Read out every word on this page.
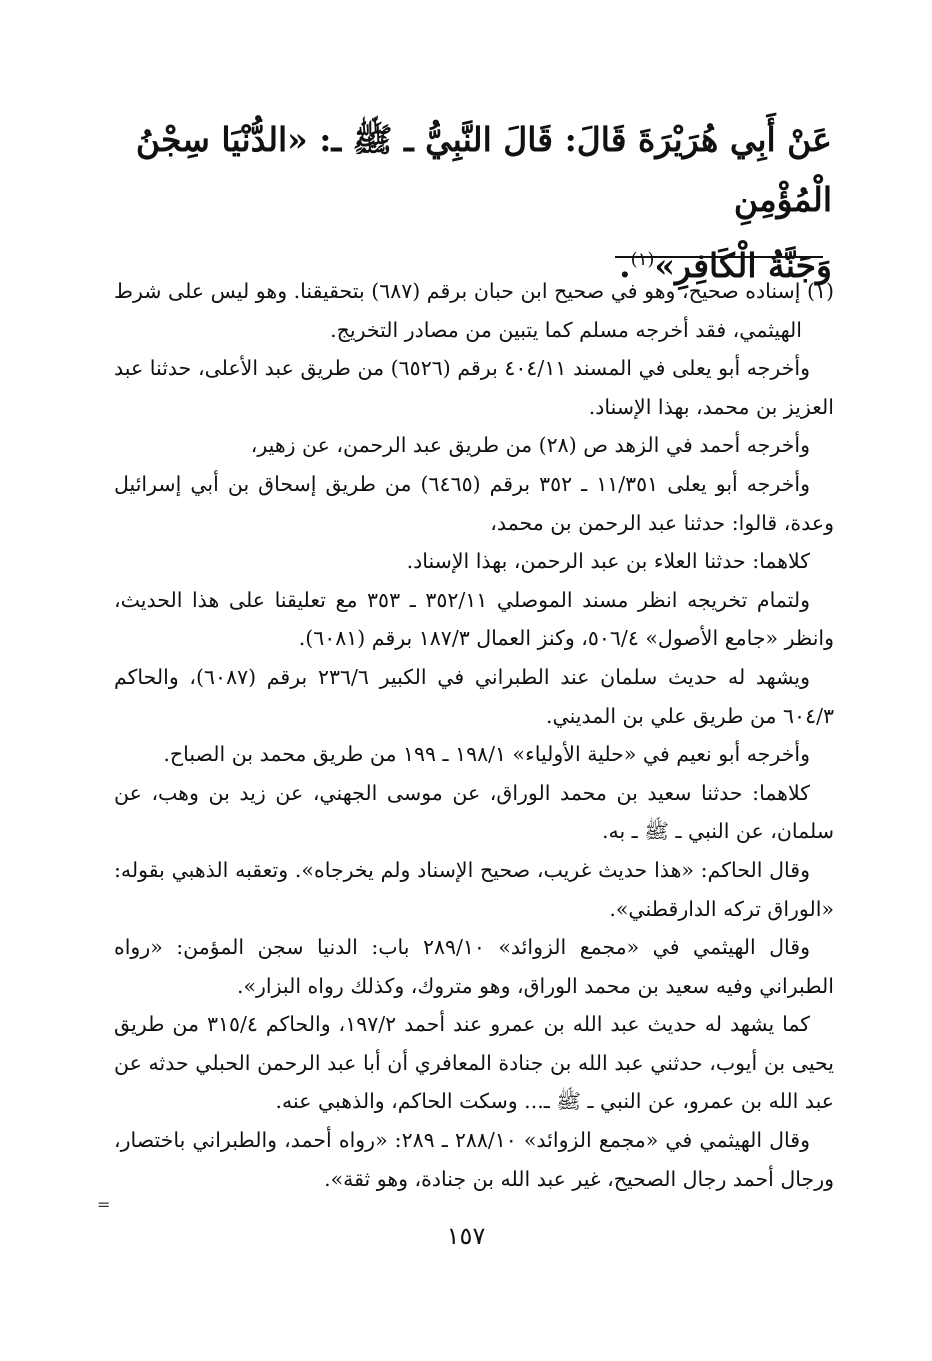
عَنْ أَبِي هُرَيْرَةَ قَالَ: قَالَ النَّبِيُّ ـ ﷺ ـ: «الدُّنْيَا سِجْنُ الْمُؤْمِنِ
وَجَنَّةُ الْكَافِرِ»$^{(١)}$.

(١) إسناده صحيح، وهو في صحيح ابن حبان برقم (٦٨٧) بتحقيقنا. وهو ليس على شرط الهيثمي، فقد أخرجه مسلم كما يتبين من مصادر التخريج.

وأخرجه أبو يعلى في المسند ٤٠٤/١١ برقم (٦٥٢٦) من طريق عبد الأعلى، حدثنا عبد العزيز بن محمد، بهذا الإسناد.

وأخرجه أحمد في الزهد ص (٢٨) من طريق عبد الرحمن، عن زهير،

وأخرجه أبو يعلى ١١/٣٥١ ـ ٣٥٢ برقم (٦٤٦٥) من طريق إسحاق بن أبي إسرائيل وعدة، قالوا: حدثنا عبد الرحمن بن محمد،

كلاهما: حدثنا العلاء بن عبد الرحمن، بهذا الإسناد.

ولتمام تخريجه انظر مسند الموصلي ٣٥٢/١١ ـ ٣٥٣ مع تعليقنا على هذا الحديث، وانظر «جامع الأصول» ٥٠٦/٤، وكنز العمال ١٨٧/٣ برقم (٦٠٨١).

ويشهد له حديث سلمان عند الطبراني في الكبير ٢٣٦/٦ برقم (٦٠٨٧)، والحاكم ٦٠٤/٣ من طريق علي بن المديني.

وأخرجه أبو نعيم في «حلية الأولياء» ١٩٨/١ ـ ١٩٩ من طريق محمد بن الصباح.

كلاهما: حدثنا سعيد بن محمد الوراق، عن موسى الجهني، عن زيد بن وهب، عن سلمان، عن النبي ـ ﷺ ـ به.

وقال الحاكم: «هذا حديث غريب، صحيح الإسناد ولم يخرجاه». وتعقبه الذهبي بقوله: «الوراق تركه الدارقطني».

وقال الهيثمي في «مجمع الزوائد» ٢٨٩/١٠ باب: الدنيا سجن المؤمن: «رواه الطبراني وفيه سعيد بن محمد الوراق، وهو متروك، وكذلك رواه البزار».

كما يشهد له حديث عبد الله بن عمرو عند أحمد ١٩٧/٢، والحاكم ٣١٥/٤ من طريق يحيى بن أيوب، حدثني عبد الله بن جنادة المعافري أن أبا عبد الرحمن الحبلي حدثه عن عبد الله بن عمرو، عن النبي ـ ﷺ ـ... وسكت الحاكم، والذهبي عنه.

وقال الهيثمي في «مجمع الزوائد» ٢٨٨/١٠ ـ ٢٨٩: «رواه أحمد، والطبراني باختصار، ورجال أحمد رجال الصحيح، غير عبد الله بن جنادة، وهو ثقة».

=
١٥٧
